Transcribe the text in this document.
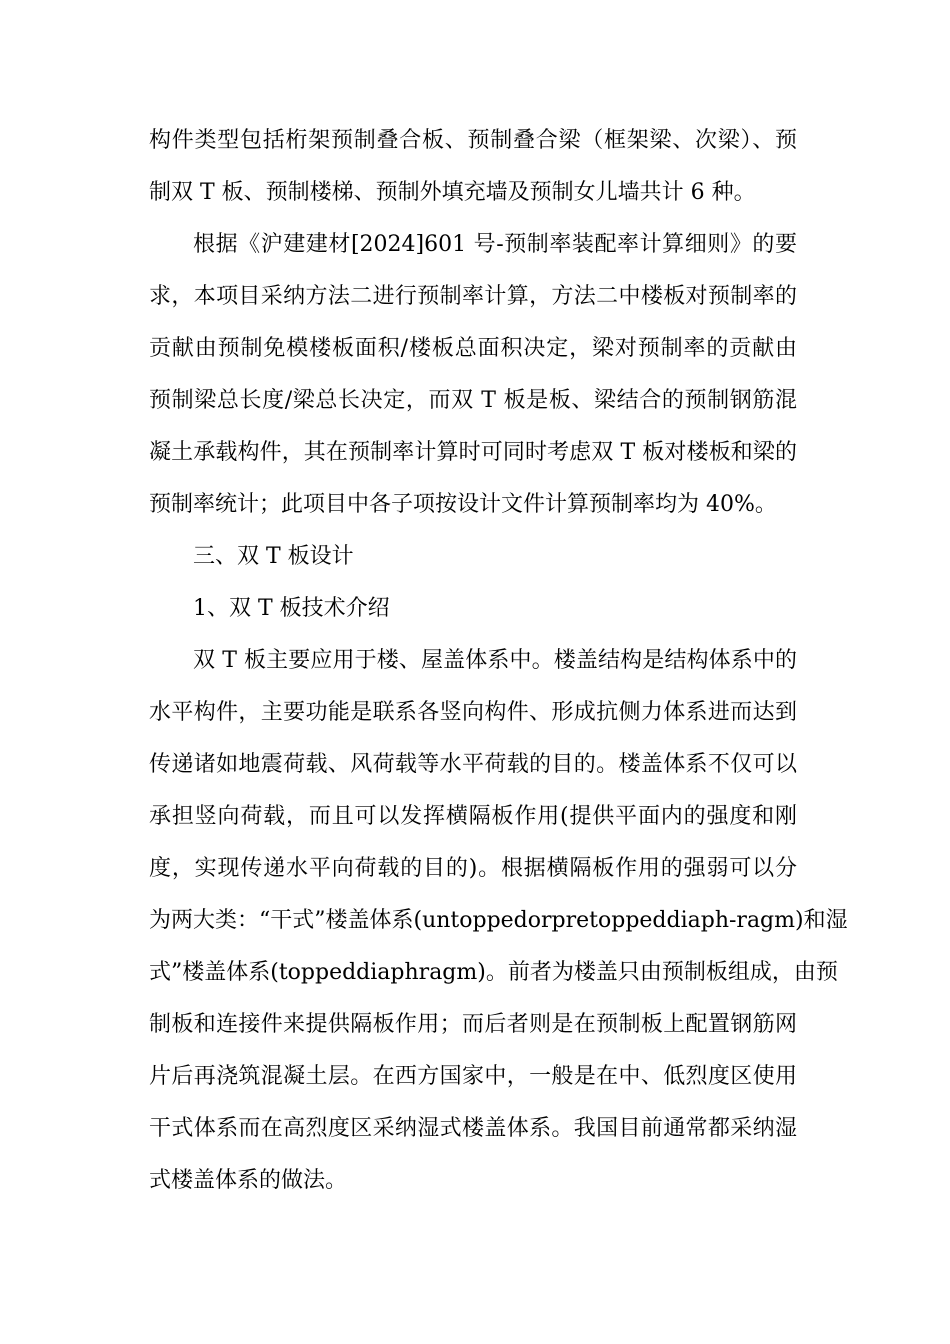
构件类型包括桁架预制叠合板、预制叠合梁（框架梁、次梁）、预
制双 T 板、预制楼梯、预制外填充墙及预制女儿墙共计 6 种。
根据《沪建建材[2024]601 号-预制率装配率计算细则》的要
求，本项目采纳方法二进行预制率计算，方法二中楼板对预制率的
贡献由预制免模楼板面积/楼板总面积决定，梁对预制率的贡献由
预制梁总长度/梁总长决定，而双 T 板是板、梁结合的预制钢筋混
凝土承载构件，其在预制率计算时可同时考虑双 T 板对楼板和梁的
预制率统计；此项目中各子项按设计文件计算预制率均为 40%。
三、双 T 板设计
1、双 T 板技术介绍
双 T 板主要应用于楼、屋盖体系中。楼盖结构是结构体系中的
水平构件，主要功能是联系各竖向构件、形成抗侧力体系进而达到
传递诸如地震荷载、风荷载等水平荷载的目的。楼盖体系不仅可以
承担竖向荷载，而且可以发挥横隔板作用(提供平面内的强度和刚
度，实现传递水平向荷载的目的)。根据横隔板作用的强弱可以分
为两大类：“干式”楼盖体系(untoppedorpretoppeddiaph-ragm)和湿
式”楼盖体系(toppeddiaphragm)。前者为楼盖只由预制板组成，由预
制板和连接件来提供隔板作用；而后者则是在预制板上配置钢筋网
片后再浇筑混凝土层。在西方国家中，一般是在中、低烈度区使用
干式体系而在高烈度区采纳湿式楼盖体系。我国目前通常都采纳湿
式楼盖体系的做法。
